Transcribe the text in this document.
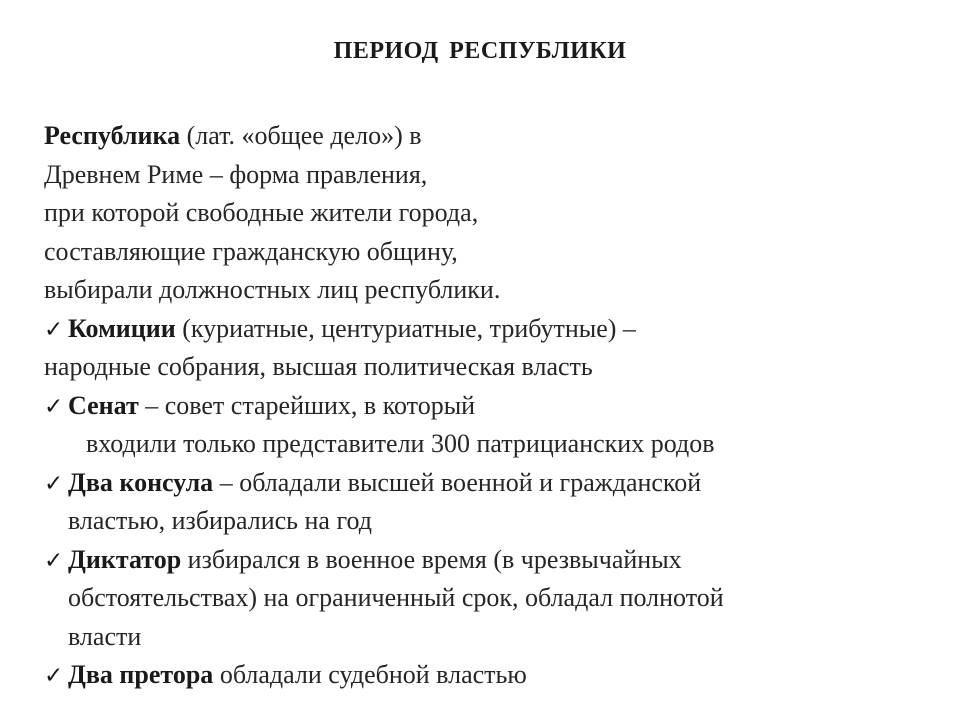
ПЕРИОД РЕСПУБЛИКИ
Республика (лат. «общее дело») в
Древнем Риме – форма правления,
при которой свободные жители города,
составляющие гражданскую общину,
выбирали должностных лиц республики.
✓ Комиции (куриатные, центуриатные, трибутные) –
народные собрания, высшая политическая власть
✓ Сенат – совет старейших, в который
входили только представители 300 патрицианских родов
✓ Два консула – обладали высшей военной и гражданской
властью, избирались на год
✓ Диктатор избирался в военное время (в чрезвычайных
обстоятельствах) на ограниченный срок, обладал полнотой
власти
✓ Два претора обладали судебной властью
